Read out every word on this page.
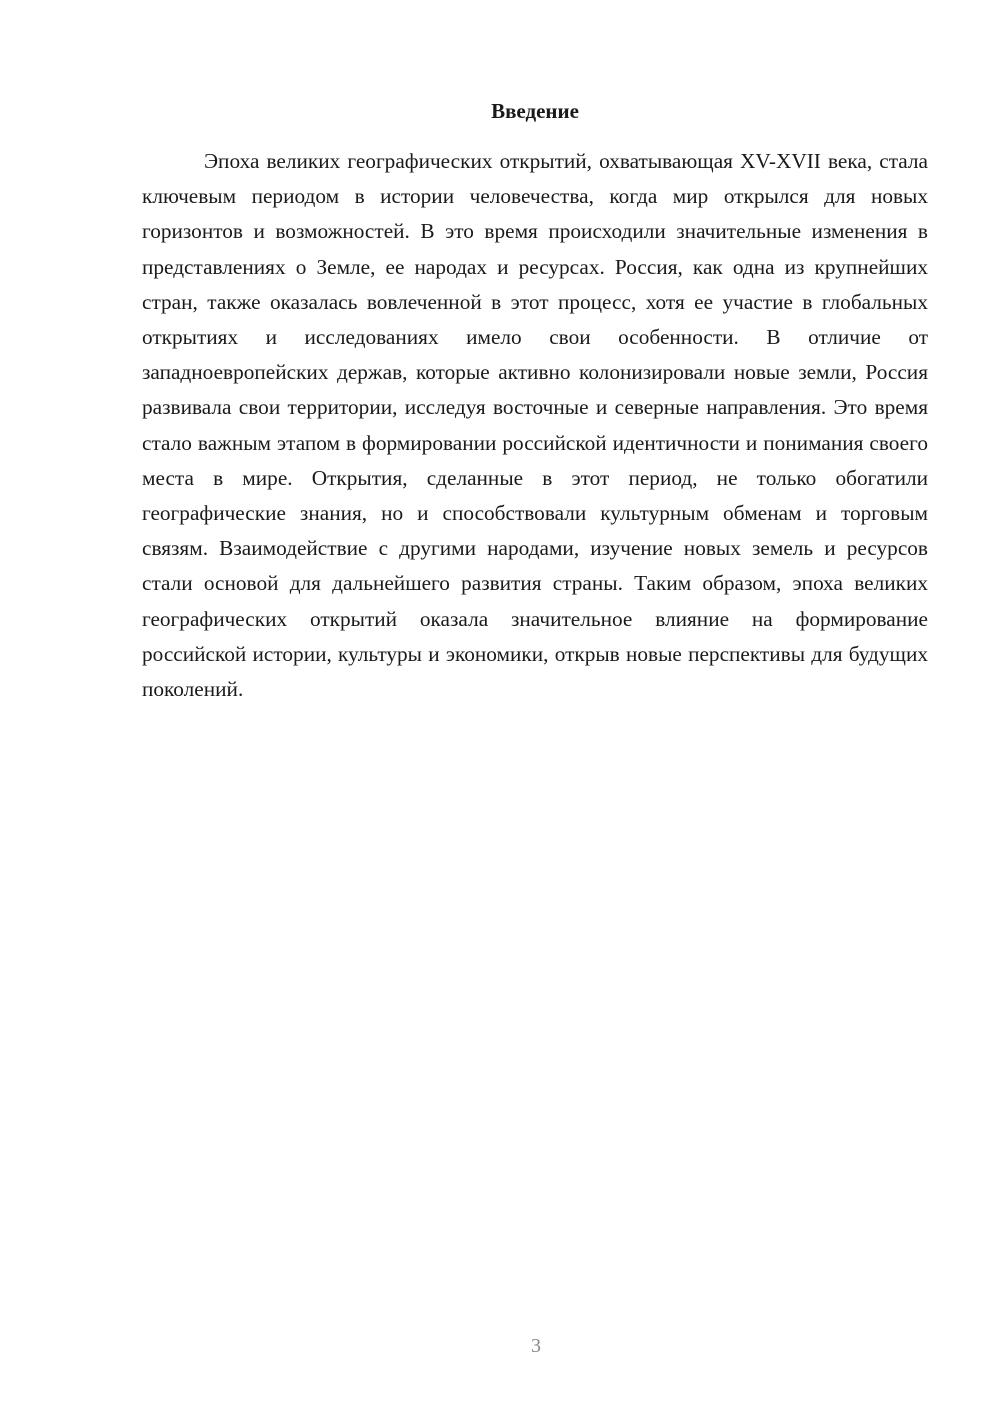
Введение

Эпоха великих географических открытий, охватывающая XV-XVII века, стала ключевым периодом в истории человечества, когда мир открылся для новых горизонтов и возможностей. В это время происходили значительные изменения в представлениях о Земле, ее народах и ресурсах. Россия, как одна из крупнейших стран, также оказалась вовлеченной в этот процесс, хотя ее участие в глобальных открытиях и исследованиях имело свои особенности. В отличие от западноевропейских держав, которые активно колонизировали новые земли, Россия развивала свои территории, исследуя восточные и северные направления. Это время стало важным этапом в формировании российской идентичности и понимания своего места в мире. Открытия, сделанные в этот период, не только обогатили географические знания, но и способствовали культурным обменам и торговым связям. Взаимодействие с другими народами, изучение новых земель и ресурсов стали основой для дальнейшего развития страны. Таким образом, эпоха великих географических открытий оказала значительное влияние на формирование российской истории, культуры и экономики, открыв новые перспективы для будущих поколений.

3
